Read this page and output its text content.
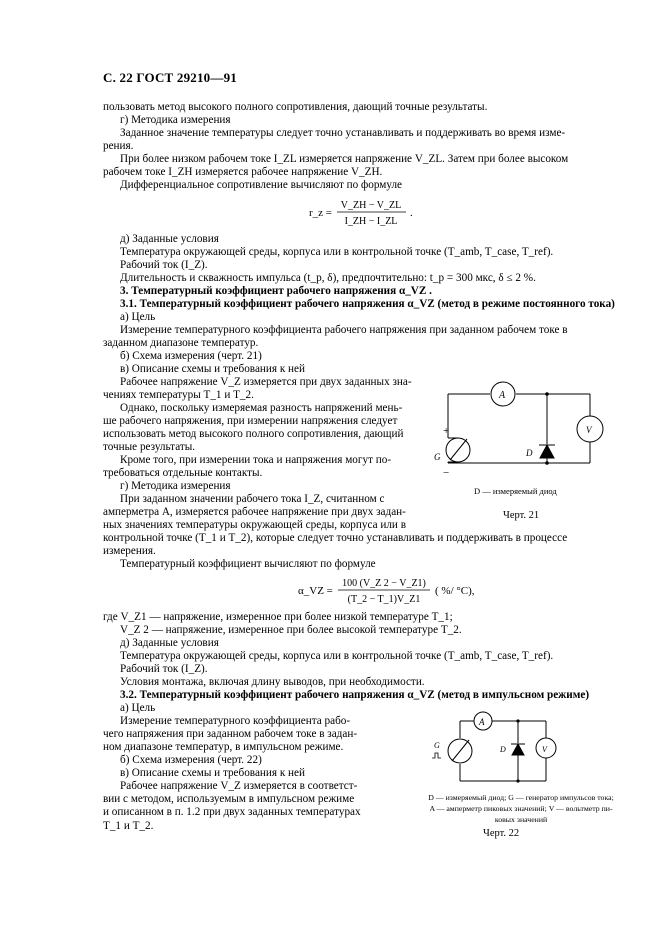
С. 22 ГОСТ 29210—91
пользовать метод высокого полного сопротивления, дающий точные результаты.
г) Методика измерения
Заданное значение температуры следует точно устанавливать и поддерживать во время изме-
рения.
При более низком рабочем токе I_ZL измеряется напряжение V_ZL. Затем при более высоком
рабочем токе I_ZH измеряется рабочее напряжение V_ZH.
Дифференциальное сопротивление вычисляют по формуле
д) Заданные условия
Температура окружающей среды, корпуса или в контрольной точке (T_amb, T_case, T_ref).
Рабочий ток (I_Z).
Длительность и скважность импульса (t_p, δ), предпочтительно: t_p = 300 мкс, δ ≤ 2 %.
3. Температурный коэффициент рабочего напряжения α_VZ .
3.1. Температурный коэффициент рабочего напряжения α_VZ (метод в режиме постоянного тока)
а) Цель
Измерение температурного коэффициента рабочего напряжения при заданном рабочем токе в
заданном диапазоне температур.
б) Схема измерения (черт. 21)
в) Описание схемы и требования к ней
Рабочее напряжение V_Z измеряется при двух заданных зна-
чениях температуры T_1 и T_2.
Однако, поскольку измеряемая разность напряжений мень-
ше рабочего напряжения, при измерении напряжения следует
использовать метод высокого полного сопротивления, дающий
точные результаты.
Кроме того, при измерении тока и напряжения могут по-
требоваться отдельные контакты.
г) Методика измерения
При заданном значении рабочего тока I_Z, считанном с
амперметра A, измеряется рабочее напряжение при двух задан-
ных значениях температуры окружающей среды, корпуса или в
контрольной точке (T_1 и T_2), которые следует точно устанавливать и поддерживать в процессе
измерения.
Температурный коэффициент вычисляют по формуле
где V_Z1 — напряжение, измеренное при более низкой температуре T_1;
V_Z 2 — напряжение, измеренное при более высокой температуре T_2.
д) Заданные условия
Температура окружающей среды, корпуса или в контрольной точке (T_amb, T_case, T_ref).
Рабочий ток (I_Z).
Условия монтажа, включая длину выводов, при необходимости.
3.2. Температурный коэффициент рабочего напряжения α_VZ (метод в импульсном режиме)
а) Цель
Измерение температурного коэффициента рабо-
чего напряжения при заданном рабочем токе в задан-
ном диапазоне температур, в импульсном режиме.
б) Схема измерения (черт. 22)
в) Описание схемы и требования к ней
Рабочее напряжение V_Z измеряется в соответст-
вии с методом, используемым в импульсном режиме
и описанном в п. 1.2 при двух заданных температурах
T_1 и T_2.
r_z =
V_ZH − V_ZL
I_ZH − I_ZL
.
α_VZ =
100 (V_Z 2 − V_Z1)
(T_2 − T_1)V_Z1
( %/ °C),
A
G
+
−
D
V
D — измеряемый диод
Черт. 21
A
G	D	V
D — измеряемый диод; G — генератор импульсов тока;
A — амперметр пиковых значений; V — вольтметр пи-
ковых значений
Черт. 22
